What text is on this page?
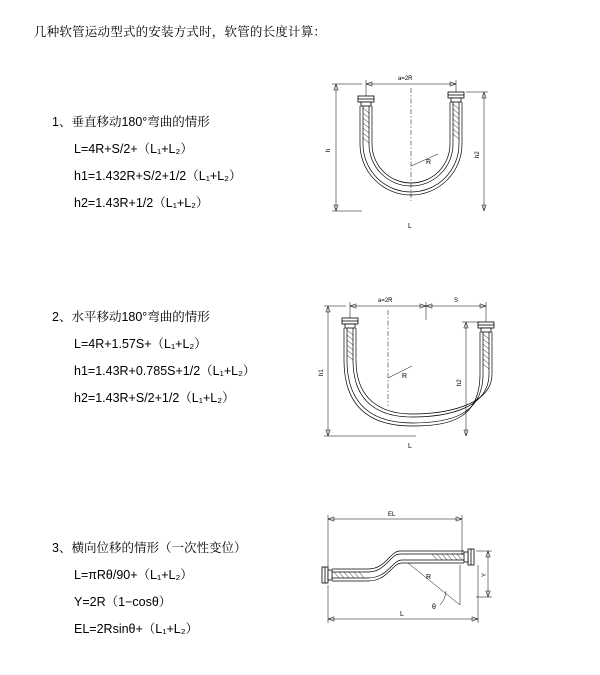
几种软管运动型式的安装方式时，软管的长度计算：
1、垂直移动180°弯曲的情形
L=4R+S/2+（L₁+L₂）
h1=1.432R+S/2+1/2（L₁+L₂）
h2=1.43R+1/2（L₁+L₂）
a=2R
R
h
h2
L
2、水平移动180°弯曲的情形
L=4R+1.57S+（L₁+L₂）
h1=1.43R+0.785S+1/2（L₁+L₂）
h2=1.43R+S/2+1/2（L₁+L₂）
a=2R	S
R
h1
h2
L
3、横向位移的情形（一次性变位）
L=πRθ/90+（L₁+L₂）
Y=2R（1−cosθ）
EL=2Rsinθ+（L₁+L₂）
EL
θ
R	Y
L
